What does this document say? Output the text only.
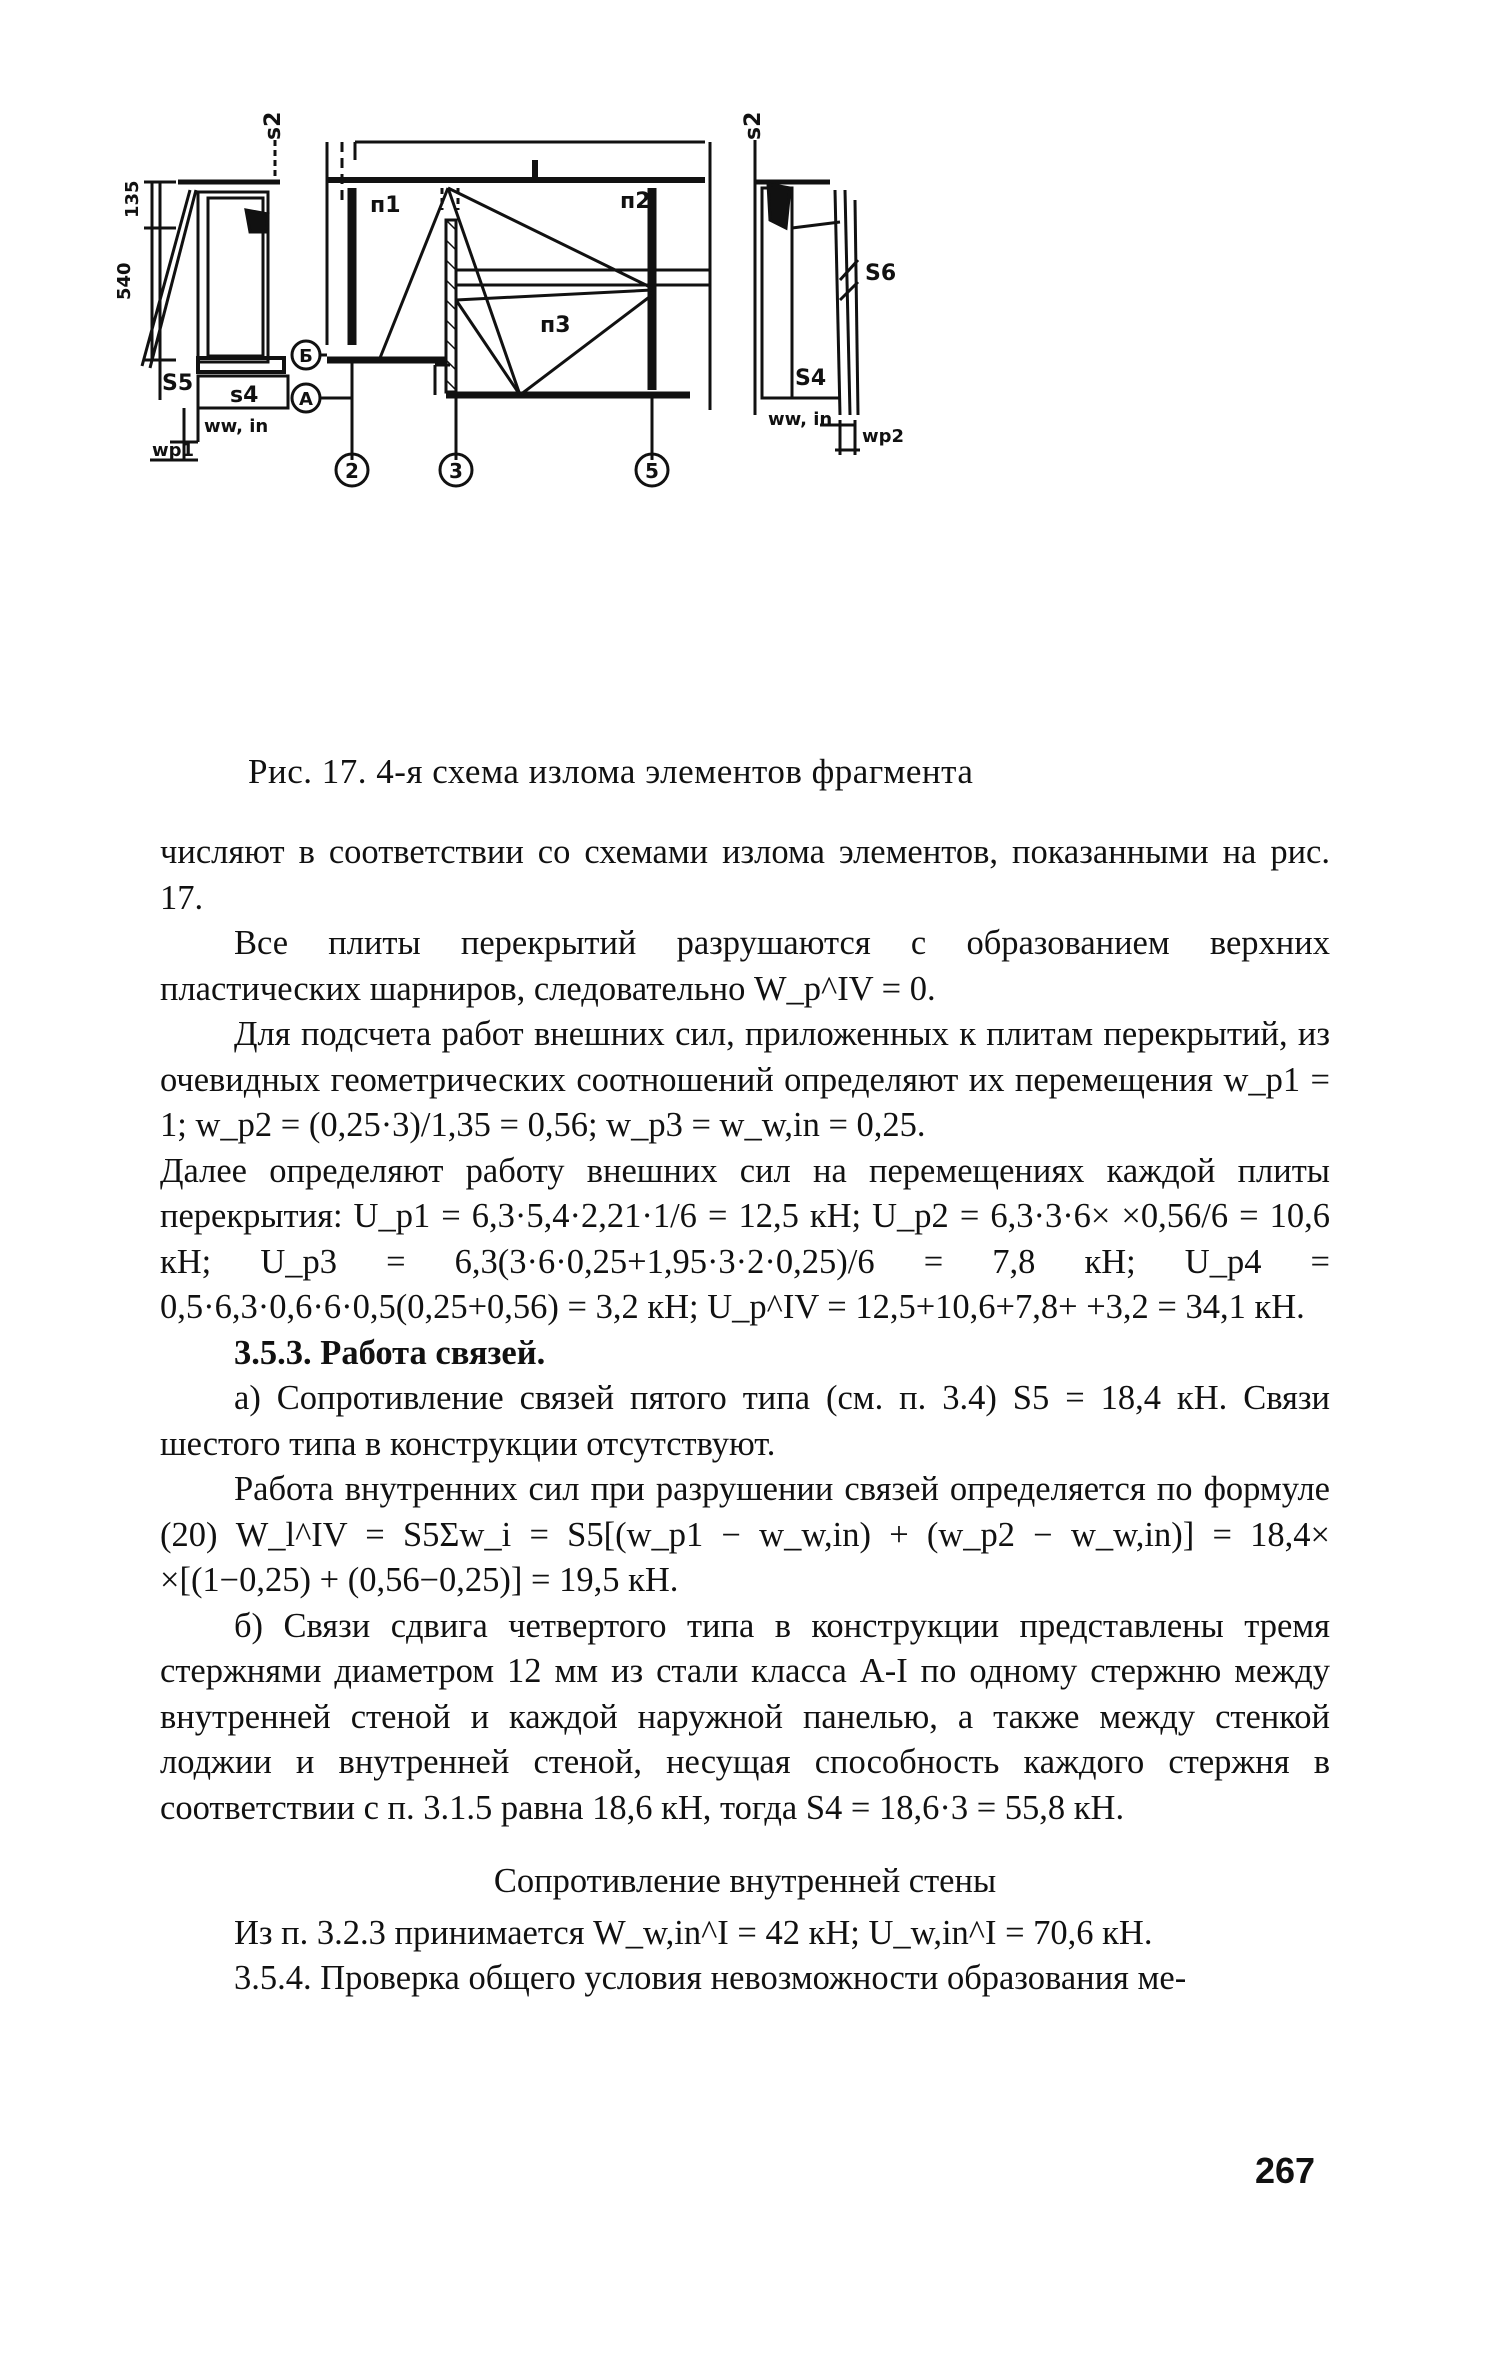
s2
135
540
S5 s4
ww, in
wp1
п1	п2
п3
Б
А
2	3	5
s2
S6
S4
ww, in
wp2
Рис. 17. 4-я схема излома элементов фрагмента

числяют в соответствии со схемами излома элементов, показанными на рис. 17.

Все плиты перекрытий разрушаются с образованием верхних пластических шарниров, следовательно W_p^IV = 0.

Для подсчета работ внешних сил, приложенных к плитам перекрытий, из очевидных геометрических соотношений определяют их перемещения w_p1 = 1; w_p2 = (0,25·3)/1,35 = 0,56; w_p3 = w_w,in = 0,25.

Далее определяют работу внешних сил на перемещениях каждой плиты перекрытия: U_p1 = 6,3·5,4·2,21·1/6 = 12,5 кН; U_p2 = 6,3·3·6× ×0,56/6 = 10,6 кН; U_p3 = 6,3(3·6·0,25+1,95·3·2·0,25)/6 = 7,8 кН; U_p4 = 0,5·6,3·0,6·6·0,5(0,25+0,56) = 3,2 кН; U_p^IV = 12,5+10,6+7,8+ +3,2 = 34,1 кН.

3.5.3. Работа связей.

а) Сопротивление связей пятого типа (см. п. 3.4) S5 = 18,4 кН. Связи шестого типа в конструкции отсутствуют.

Работа внутренних сил при разрушении связей определяется по формуле (20) W_l^IV = S5Σw_i = S5[(w_p1 − w_w,in) + (w_p2 − w_w,in)] = 18,4× ×[(1−0,25) + (0,56−0,25)] = 19,5 кН.

б) Связи сдвига четвертого типа в конструкции представлены тремя стержнями диаметром 12 мм из стали класса А-I по одному стержню между внутренней стеной и каждой наружной панелью, а также между стенкой лоджии и внутренней стеной, несущая способность каждого стержня в соответствии с п. 3.1.5 равна 18,6 кН, тогда S4 = 18,6·3 = 55,8 кН.

Сопротивление внутренней стены

Из п. 3.2.3 принимается W_w,in^I = 42 кН; U_w,in^I = 70,6 кН.

3.5.4. Проверка общего условия невозможности образования ме-

267
